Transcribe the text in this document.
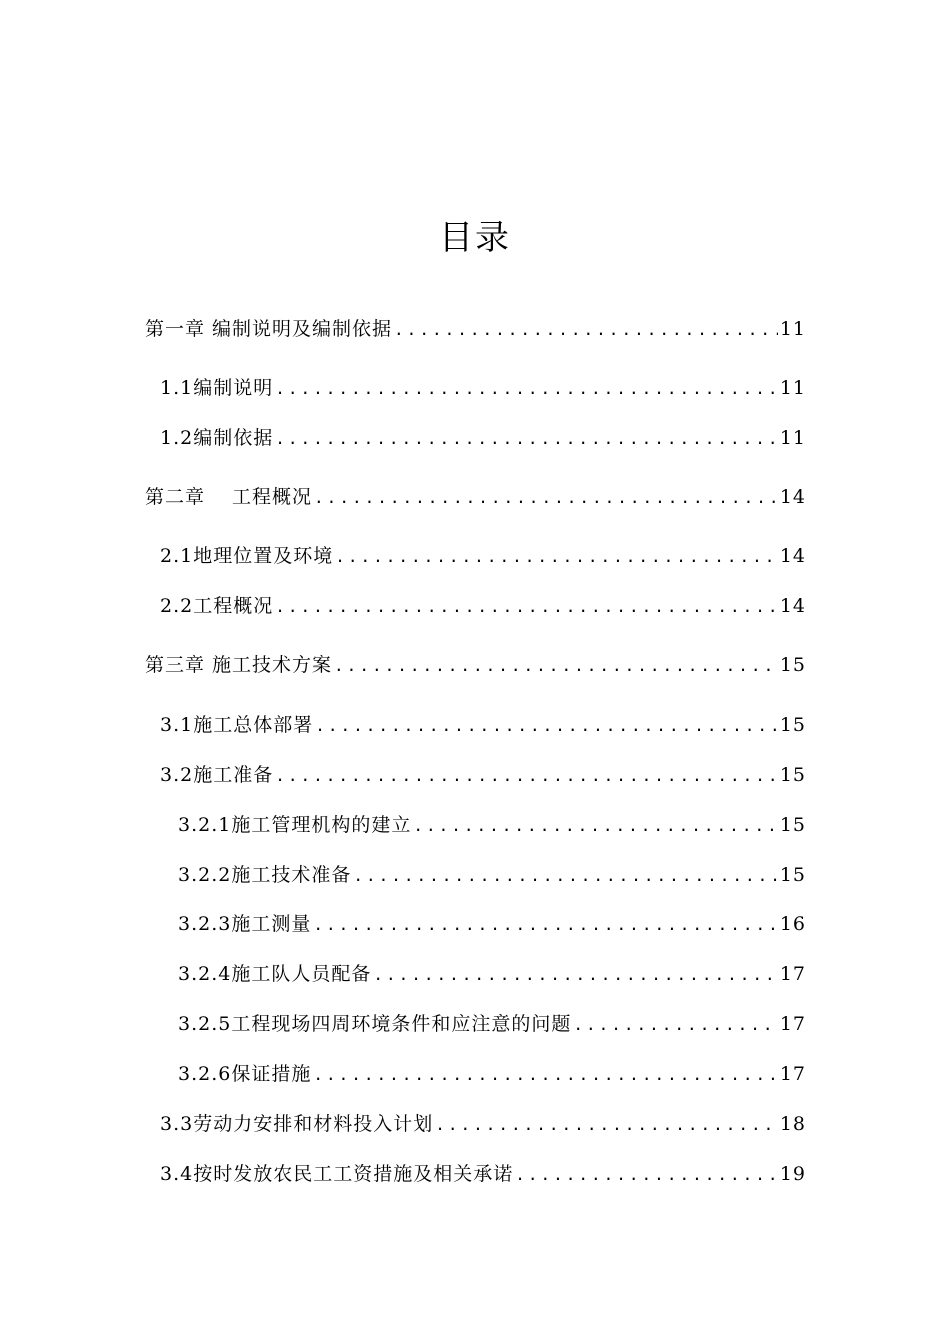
目录
第一章 编制说明及编制依据 .....	11
1.1编制说明 .....	11
1.2编制依据 .....	11
第二章　 工程概况 .....	14
2.1地理位置及环境 .....	14
2.2工程概况 .....	14
第三章 施工技术方案 .....	15
3.1施工总体部署 .....	15
3.2施工准备 .....	15
3.2.1施工管理机构的建立 .....	15
3.2.2施工技术准备 .....	15
3.2.3施工测量 .....	16
3.2.4施工队人员配备 .....	17
3.2.5工程现场四周环境条件和应注意的问题 .....	17
3.2.6保证措施 .....	17
3.3劳动力安排和材料投入计划 .....	18
3.4按时发放农民工工资措施及相关承诺 .....	19
